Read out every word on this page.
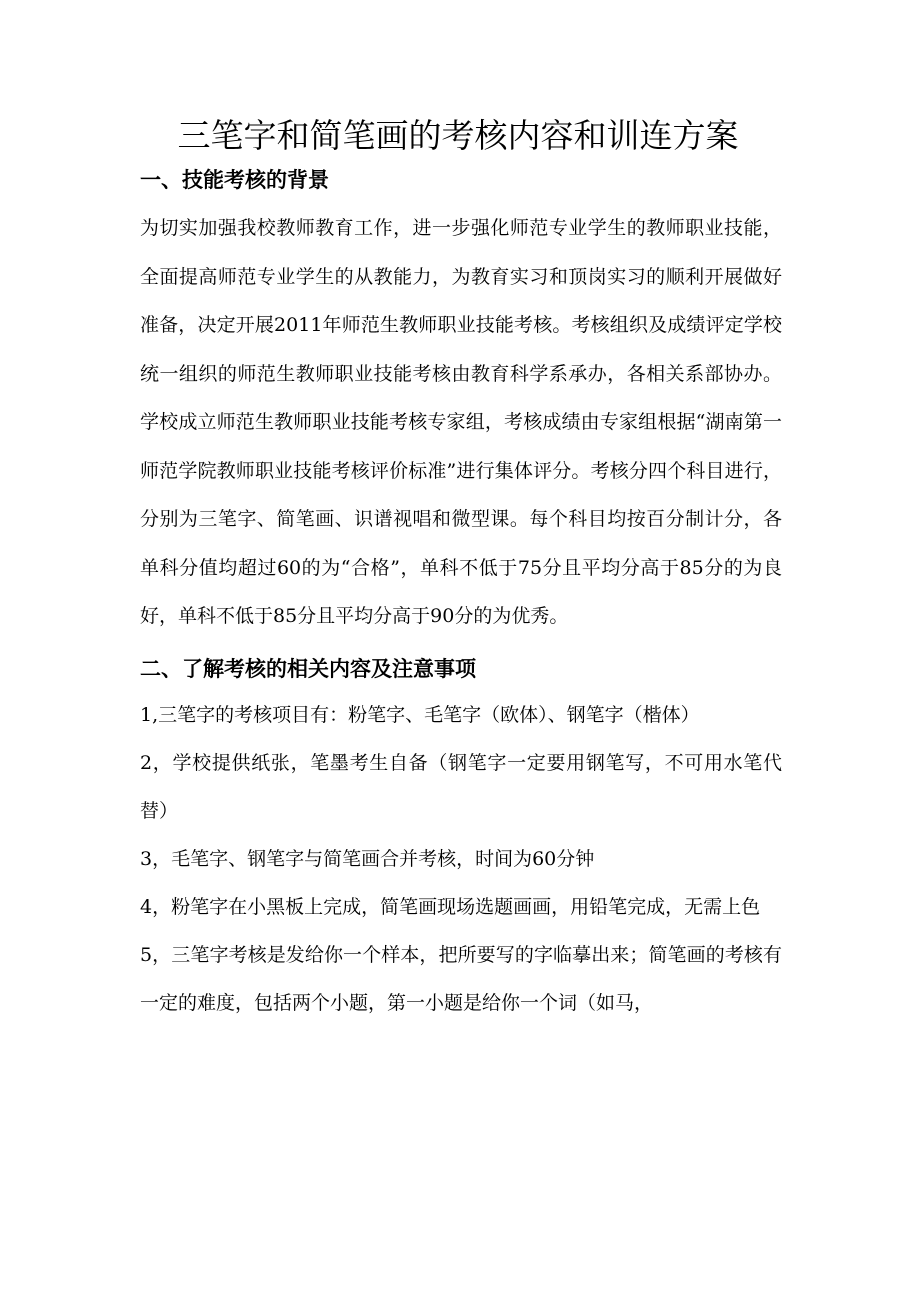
三笔字和简笔画的考核内容和训连方案
一、技能考核的背景

为切实加强我校教师教育工作，进一步强化师范专业学生的教师职业技能，全面提高师范专业学生的从教能力，为教育实习和顶岗实习的顺利开展做好准备，决定开展2011年师范生教师职业技能考核。考核组织及成绩评定学校统一组织的师范生教师职业技能考核由教育科学系承办，各相关系部协办。学校成立师范生教师职业技能考核专家组，考核成绩由专家组根据“湖南第一师范学院教师职业技能考核评价标准”进行集体评分。考核分四个科目进行，分别为三笔字、简笔画、识谱视唱和微型课。每个科目均按百分制计分，各单科分值均超过60的为“合格”，单科不低于75分且平均分高于85分的为良好，单科不低于85分且平均分高于90分的为优秀。

二、了解考核的相关内容及注意事项

1,三笔字的考核项目有：粉笔字、毛笔字（欧体）、钢笔字（楷体）

2，学校提供纸张，笔墨考生自备（钢笔字一定要用钢笔写，不可用水笔代替）

3，毛笔字、钢笔字与简笔画合并考核，时间为60分钟

4，粉笔字在小黑板上完成，简笔画现场选题画画，用铅笔完成，无需上色

5，三笔字考核是发给你一个样本，把所要写的字临摹出来；简笔画的考核有一定的难度，包括两个小题，第一小题是给你一个词（如马，
